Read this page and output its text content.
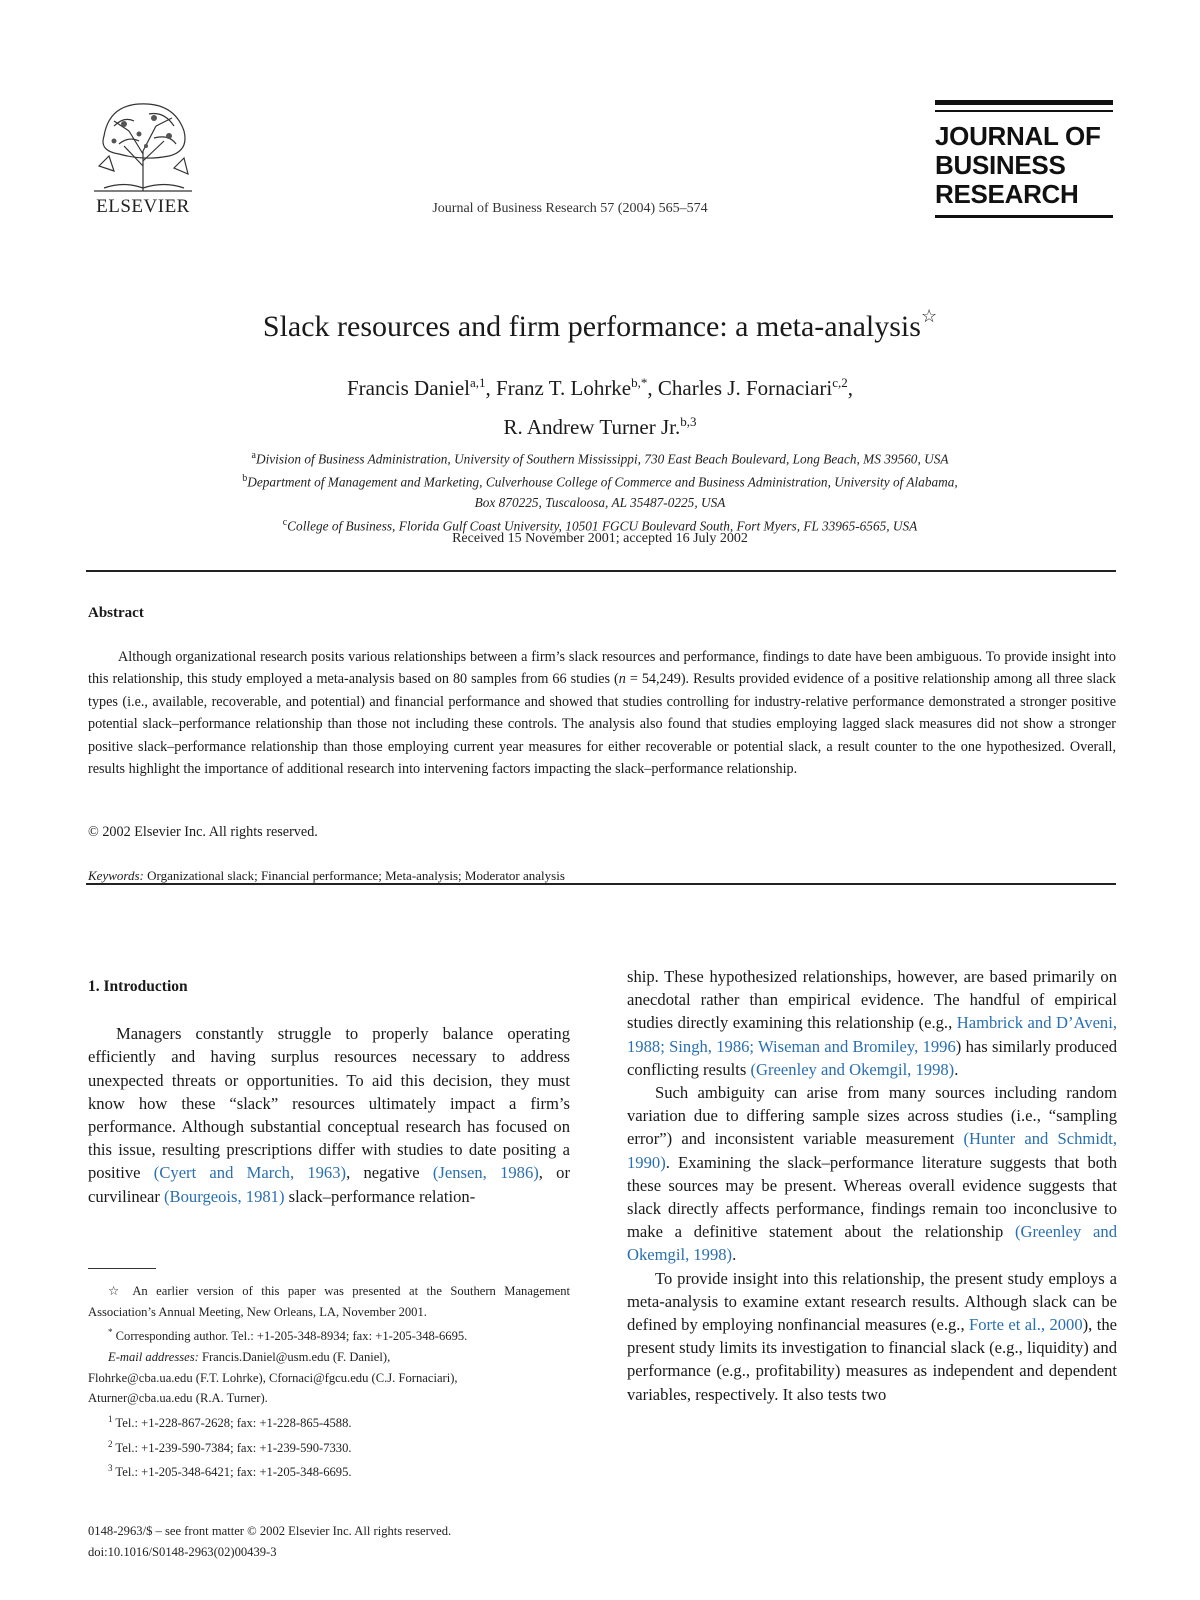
ELSEVIER	Journal of Business Research 57 (2004) 565–574
JOURNAL OF
BUSINESS
RESEARCH
Slack resources and firm performance: a meta-analysis☆
Francis Daniel$^{a,1}$, Franz T. Lohrke$^{b,*}$, Charles J. Fornaciari$^{c,2}$,
R. Andrew Turner Jr.$^{b,3}$
$^a$Division of Business Administration, University of Southern Mississippi, 730 East Beach Boulevard, Long Beach, MS 39560, USA
$^b$Department of Management and Marketing, Culverhouse College of Commerce and Business Administration, University of Alabama,
Box 870225, Tuscaloosa, AL 35487-0225, USA
$^c$College of Business, Florida Gulf Coast University, 10501 FGCU Boulevard South, Fort Myers, FL 33965-6565, USA
Received 15 November 2001; accepted 16 July 2002
Abstract

Although organizational research posits various relationships between a firm’s slack resources and performance, findings to date have been ambiguous. To provide insight into this relationship, this study employed a meta-analysis based on 80 samples from 66 studies (n = 54,249). Results provided evidence of a positive relationship among all three slack types (i.e., available, recoverable, and potential) and financial performance and showed that studies controlling for industry-relative performance demonstrated a stronger positive potential slack–performance relationship than those not including these controls. The analysis also found that studies employing lagged slack measures did not show a stronger positive slack–performance relationship than those employing current year measures for either recoverable or potential slack, a result counter to the one hypothesized. Overall, results highlight the importance of additional research into intervening factors impacting the slack–performance relationship.

© 2002 Elsevier Inc. All rights reserved.
Keywords: Organizational slack; Financial performance; Meta-analysis; Moderator analysis
1. Introduction

Managers constantly struggle to properly balance operating efficiently and having surplus resources necessary to address unexpected threats or opportunities. To aid this decision, they must know how these “slack” resources ultimately impact a firm’s performance. Although substantial conceptual research has focused on this issue, resulting prescriptions differ with studies to date positing a positive (Cyert and March, 1963), negative (Jensen, 1986), or curvilinear (Bourgeois, 1981) slack–performance relation-

☆ An earlier version of this paper was presented at the Southern Management Association’s Annual Meeting, New Orleans, LA, November 2001.

* Corresponding author. Tel.: +1-205-348-8934; fax: +1-205-348-6695.

E-mail addresses: Francis.Daniel@usm.edu (F. Daniel),

Flohrke@cba.ua.edu (F.T. Lohrke), Cfornaci@fgcu.edu (C.J. Fornaciari),

Aturner@cba.ua.edu (R.A. Turner).

$^1$ Tel.: +1-228-867-2628; fax: +1-228-865-4588.

$^2$ Tel.: +1-239-590-7384; fax: +1-239-590-7330.

$^3$ Tel.: +1-205-348-6421; fax: +1-205-348-6695.

0148-2963/$ – see front matter © 2002 Elsevier Inc. All rights reserved.
doi:10.1016/S0148-2963(02)00439-3

ship. These hypothesized relationships, however, are based primarily on anecdotal rather than empirical evidence. The handful of empirical studies directly examining this relationship (e.g., Hambrick and D’Aveni, 1988; Singh, 1986; Wiseman and Bromiley, 1996) has similarly produced conflicting results (Greenley and Okemgil, 1998).

Such ambiguity can arise from many sources including random variation due to differing sample sizes across studies (i.e., “sampling error”) and inconsistent variable measurement (Hunter and Schmidt, 1990). Examining the slack–performance literature suggests that both these sources may be present. Whereas overall evidence suggests that slack directly affects performance, findings remain too inconclusive to make a definitive statement about the relationship (Greenley and Okemgil, 1998).

To provide insight into this relationship, the present study employs a meta-analysis to examine extant research results. Although slack can be defined by employing nonfinancial measures (e.g., Forte et al., 2000), the present study limits its investigation to financial slack (e.g., liquidity) and performance (e.g., profitability) measures as independent and dependent variables, respectively. It also tests two
